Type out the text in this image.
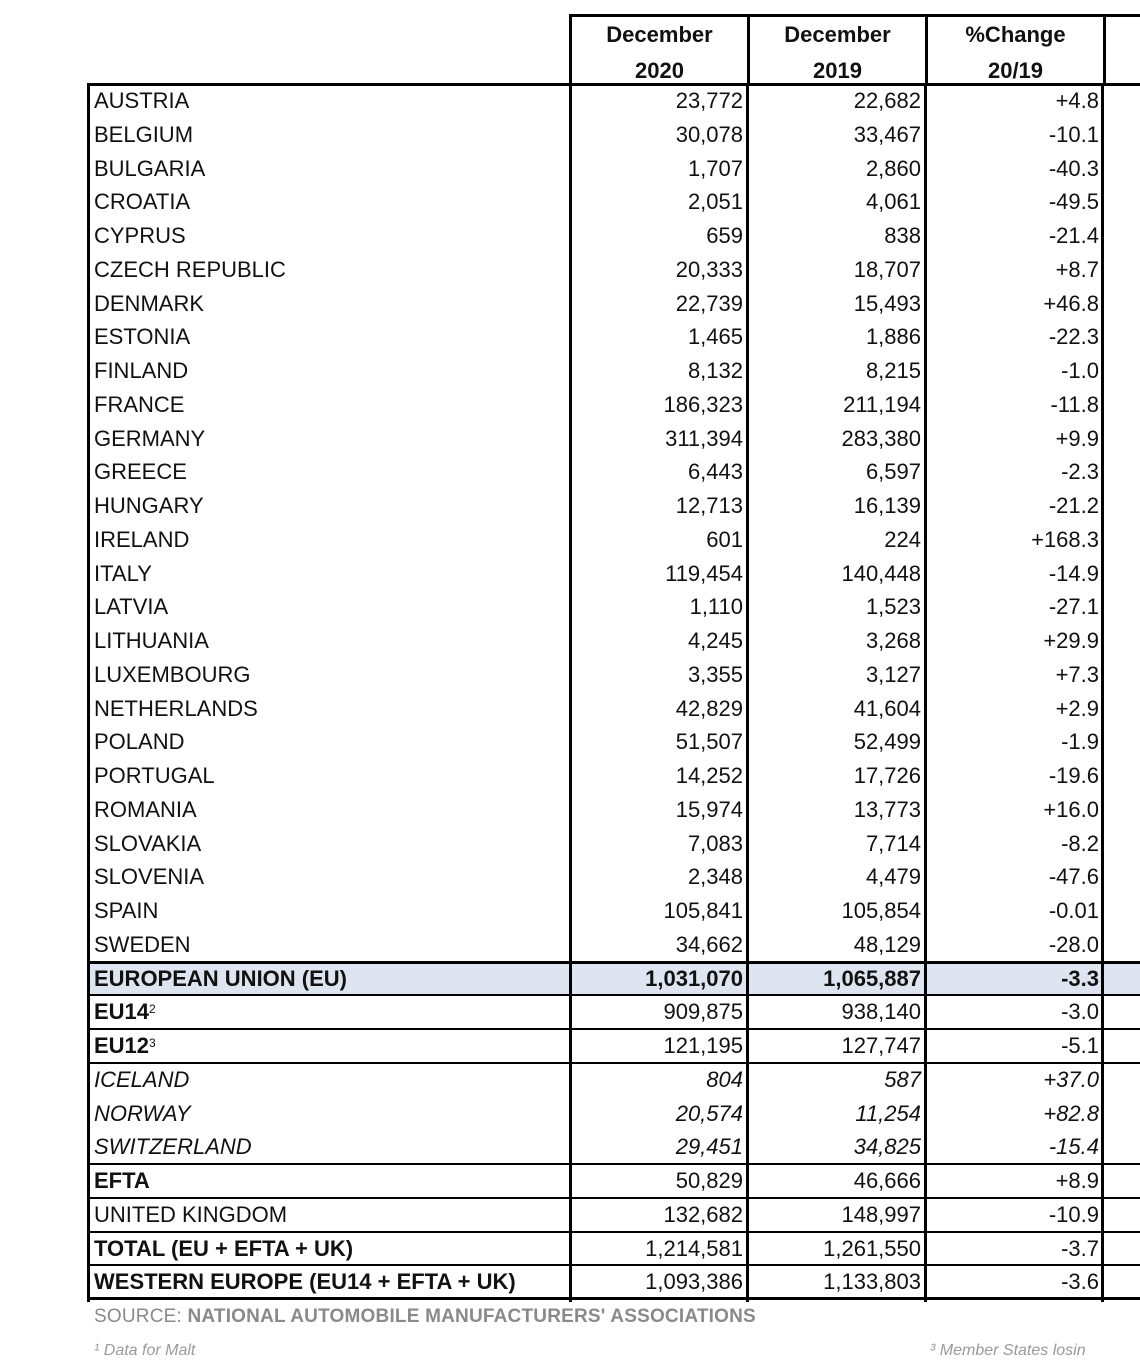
December
2020
December
2019
%Change
20/19
AUSTRIA	23,772	22,682	+4.8
BELGIUM	30,078	33,467	-10.1
BULGARIA	1,707	2,860	-40.3
CROATIA	2,051	4,061	-49.5
CYPRUS	659	838	-21.4
CZECH REPUBLIC	20,333	18,707	+8.7
DENMARK	22,739	15,493	+46.8
ESTONIA	1,465	1,886	-22.3
FINLAND	8,132	8,215	-1.0
FRANCE	186,323	211,194	-11.8
GERMANY	311,394	283,380	+9.9
GREECE	6,443	6,597	-2.3
HUNGARY	12,713	16,139	-21.2
IRELAND	601	224	+168.3
ITALY	119,454	140,448	-14.9
LATVIA	1,110	1,523	-27.1
LITHUANIA	4,245	3,268	+29.9
LUXEMBOURG	3,355	3,127	+7.3
NETHERLANDS	42,829	41,604	+2.9
POLAND	51,507	52,499	-1.9
PORTUGAL	14,252	17,726	-19.6
ROMANIA	15,974	13,773	+16.0
SLOVAKIA	7,083	7,714	-8.2
SLOVENIA	2,348	4,479	-47.6
SPAIN	105,841	105,854	-0.01
SWEDEN	34,662	48,129	-28.0
EUROPEAN UNION (EU)	1,031,070	1,065,887	-3.3
$EU14^2$	909,875	938,140	-3.0
$EU12^3$	121,195	127,747	-5.1
ICELAND	804	587	+37.0
NORWAY	20,574	11,254	+82.8
SWITZERLAND	29,451	34,825	-15.4
EFTA	50,829	46,666	+8.9
UNITED KINGDOM	132,682	148,997	-10.9
TOTAL (EU + EFTA + UK)	1,214,581	1,261,550	-3.7
WESTERN EUROPE (EU14 + EFTA + UK)	1,093,386	1,133,803	-3.6
SOURCE: NATIONAL AUTOMOBILE MANUFACTURERS' ASSOCIATIONS
¹ Data for Malt	³ Member States losin
